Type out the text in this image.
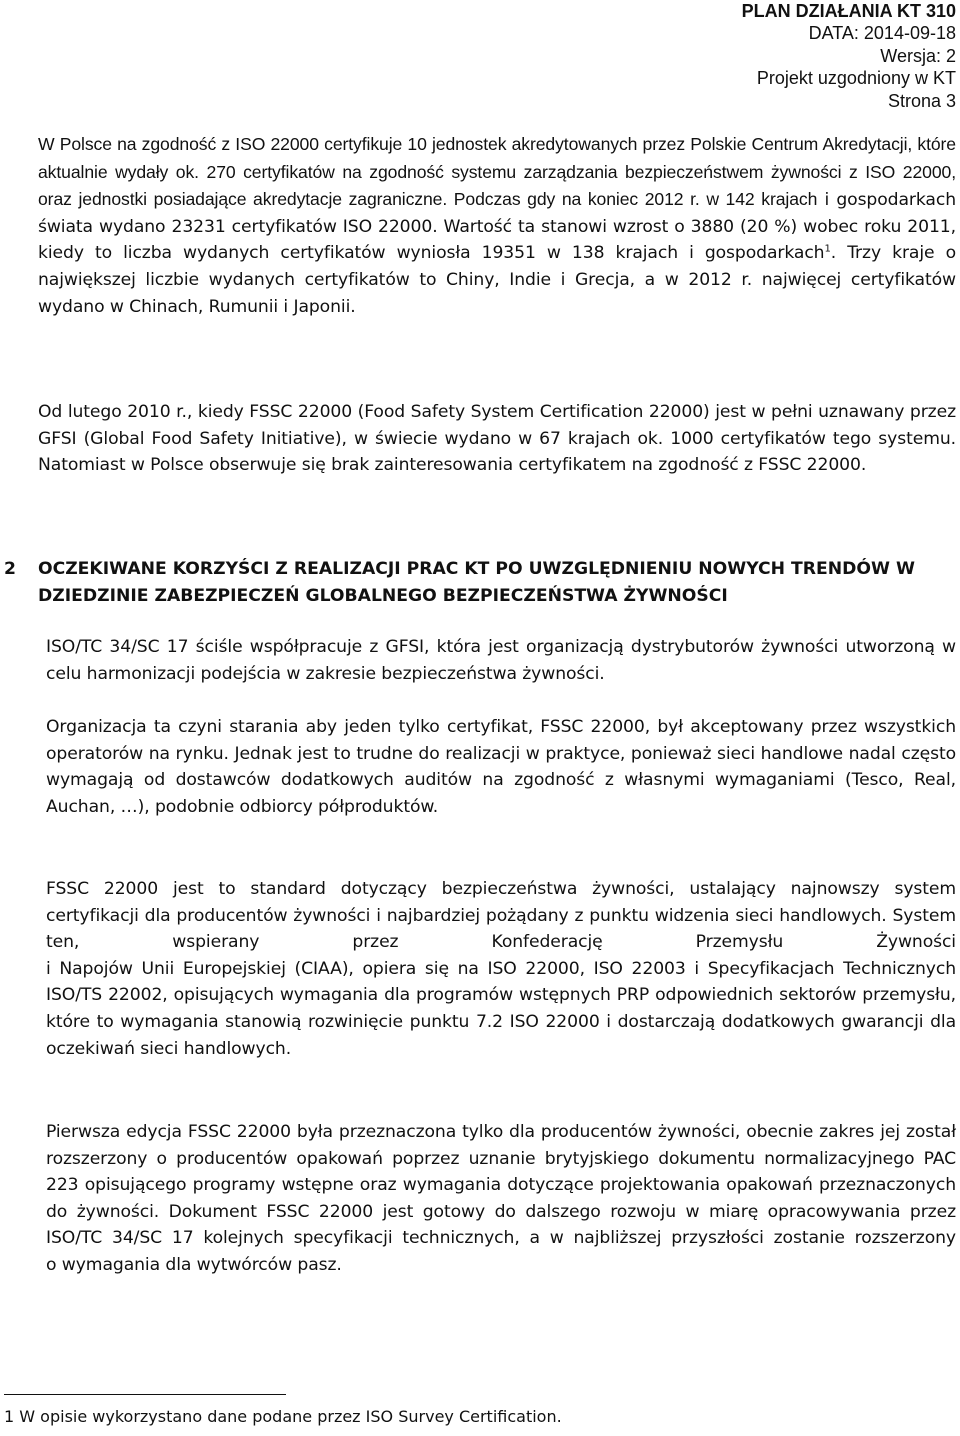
PLAN DZIAŁANIA KT 310
DATA: 2014-09-18
Wersja: 2
Projekt uzgodniony w KT
Strona 3

W Polsce na zgodność z ISO 22000 certyfikuje 10 jednostek akredytowanych przez Polskie Centrum Akredytacji, które aktualnie wydały ok. 270 certyfikatów na zgodność systemu zarządzania bezpieczeństwem żywności z ISO 22000, oraz jednostki posiadające akredytacje zagraniczne. Podczas gdy na koniec 2012 r. w 142 krajach i gospodarkach świata wydano 23231 certyfikatów ISO 22000. Wartość ta stanowi wzrost o 3880 (20 %) wobec roku 2011, kiedy to liczba wydanych certyfikatów wyniosła 19351 w 138 krajach i gospodarkach$^1$. Trzy kraje o największej liczbie wydanych certyfikatów to Chiny, Indie i Grecja, a w 2012 r. najwięcej certyfikatów wydano w Chinach, Rumunii i Japonii.

Od lutego 2010 r., kiedy FSSC 22000 (Food Safety System Certification 22000) jest w pełni uznawany przez GFSI (Global Food Safety Initiative), w świecie wydano w 67 krajach ok. 1000 certyfikatów tego systemu. Natomiast w Polsce obserwuje się brak zainteresowania certyfikatem na zgodność z FSSC 22000.

2 OCZEKIWANE KORZYŚCI Z REALIZACJI PRAC KT PO UWZGLĘDNIENIU NOWYCH TRENDÓW W DZIEDZINIE ZABEZPIECZEŃ GLOBALNEGO BEZPIECZEŃSTWA ŻYWNOŚCI

ISO/TC 34/SC 17 ściśle współpracuje z GFSI, która jest organizacją dystrybutorów żywności utworzoną w celu harmonizacji podejścia w zakresie bezpieczeństwa żywności.

Organizacja ta czyni starania aby jeden tylko certyfikat, FSSC 22000, był akceptowany przez wszystkich operatorów na rynku. Jednak jest to trudne do realizacji w praktyce, ponieważ sieci handlowe nadal często wymagają od dostawców dodatkowych auditów na zgodność z własnymi wymaganiami (Tesco, Real, Auchan, …), podobnie odbiorcy półproduktów.

FSSC 22000 jest to standard dotyczący bezpieczeństwa żywności, ustalający najnowszy system certyfikacji dla producentów żywności i najbardziej pożądany z punktu widzenia sieci handlowych. System ten, wspierany przez Konfederację Przemysłu Żywności

i Napojów Unii Europejskiej (CIAA), opiera się na ISO 22000, ISO 22003 i Specyfikacjach Technicznych ISO/TS 22002, opisujących wymagania dla programów wstępnych PRP odpowiednich sektorów przemysłu, które to wymagania stanowią rozwinięcie punktu 7.2 ISO 22000 i dostarczają dodatkowych gwarancji dla oczekiwań sieci handlowych.

Pierwsza edycja FSSC 22000 była przeznaczona tylko dla producentów żywności, obecnie zakres jej został rozszerzony o producentów opakowań poprzez uznanie brytyjskiego dokumentu normalizacyjnego PAC 223 opisującego programy wstępne oraz wymagania dotyczące projektowania opakowań przeznaczonych do żywności. Dokument FSSC 22000 jest gotowy do dalszego rozwoju w miarę opracowywania przez ISO/TC 34/SC 17 kolejnych specyfikacji technicznych, a w najbliższej przyszłości zostanie rozszerzony

o wymagania dla wytwórców pasz.

1 W opisie wykorzystano dane podane przez ISO Survey Certification.
